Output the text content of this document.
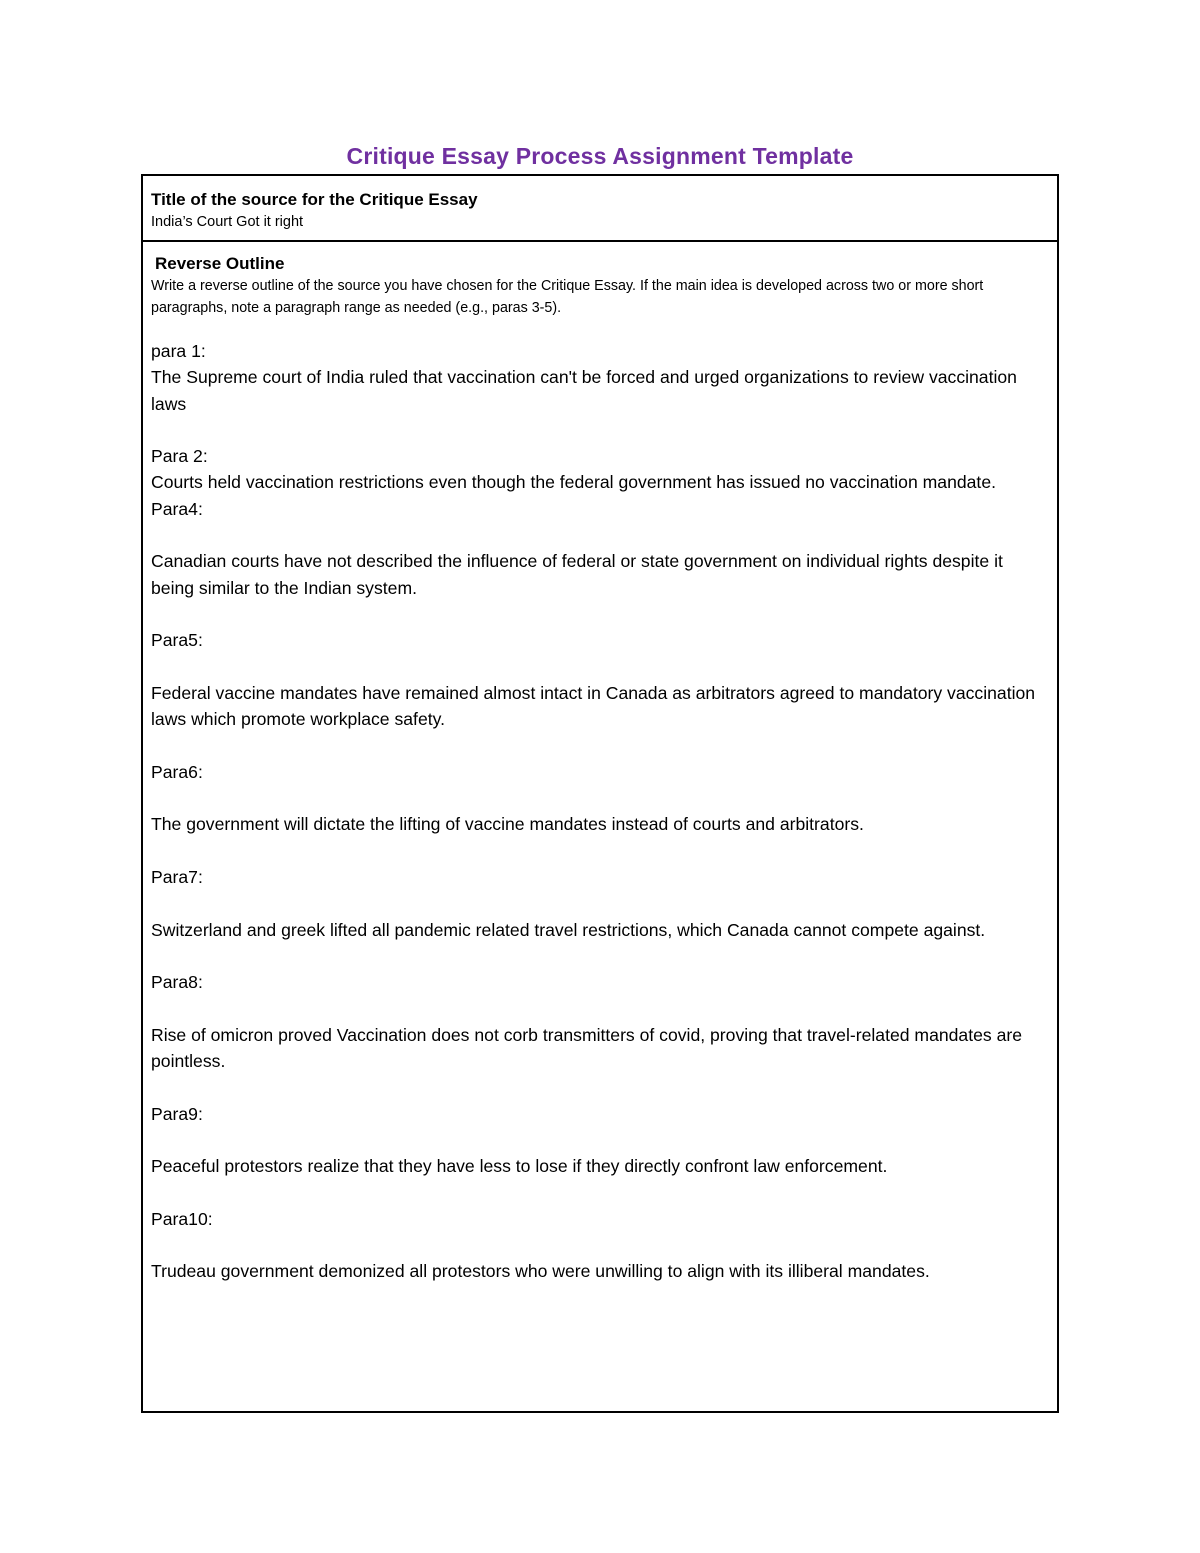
Critique Essay Process Assignment Template
Title of the source for the Critique Essay
India’s Court Got it right
Reverse Outline

Write a reverse outline of the source you have chosen for the Critique Essay. If the main idea is developed across two or more short paragraphs, note a paragraph range as needed (e.g., paras 3-5).

para 1:
The Supreme court of India ruled that vaccination can't be forced and urged organizations to review vaccination laws
Para 2:
Courts held vaccination restrictions even though the federal government has issued no vaccination mandate.
Para4:
Canadian courts have not described the influence of federal or state government on individual rights despite it being similar to the Indian system.
Para5:
Federal vaccine mandates have remained almost intact in Canada as arbitrators agreed to mandatory vaccination laws which promote workplace safety.
Para6:
The government will dictate the lifting of vaccine mandates instead of courts and arbitrators.
Para7:
Switzerland and greek lifted all pandemic related travel restrictions, which Canada cannot compete against.
Para8:
Rise of omicron proved Vaccination does not corb transmitters of covid, proving that travel-related mandates are pointless.
Para9:
Peaceful protestors realize that they have less to lose if they directly confront law enforcement.
Para10:
Trudeau government demonized all protestors who were unwilling to align with its illiberal mandates.
